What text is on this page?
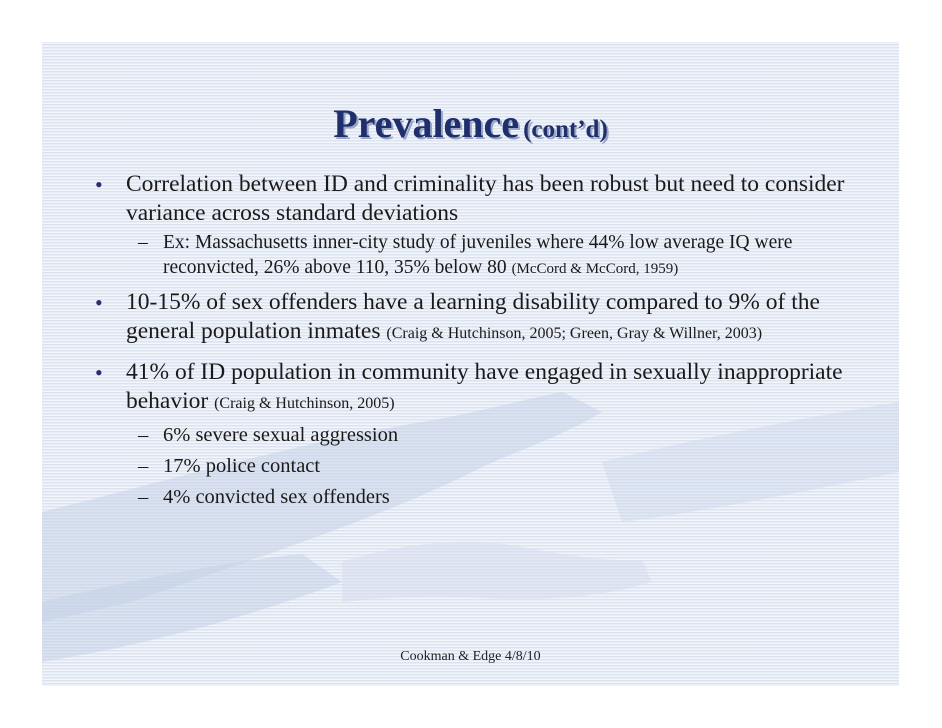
Prevalence (cont’d)
• Correlation between ID and criminality has been robust but need to consider variance across standard deviations
– Ex: Massachusetts inner-city study of juveniles where 44% low average IQ were reconvicted, 26% above 110, 35% below 80 (McCord & McCord, 1959)
• 10-15% of sex offenders have a learning disability compared to 9% of the general population inmates (Craig & Hutchinson, 2005; Green, Gray & Willner, 2003)
• 41% of ID population in community have engaged in sexually inappropriate behavior (Craig & Hutchinson, 2005)
– 6% severe sexual aggression
– 17% police contact
– 4% convicted sex offenders
Cookman & Edge 4/8/10
